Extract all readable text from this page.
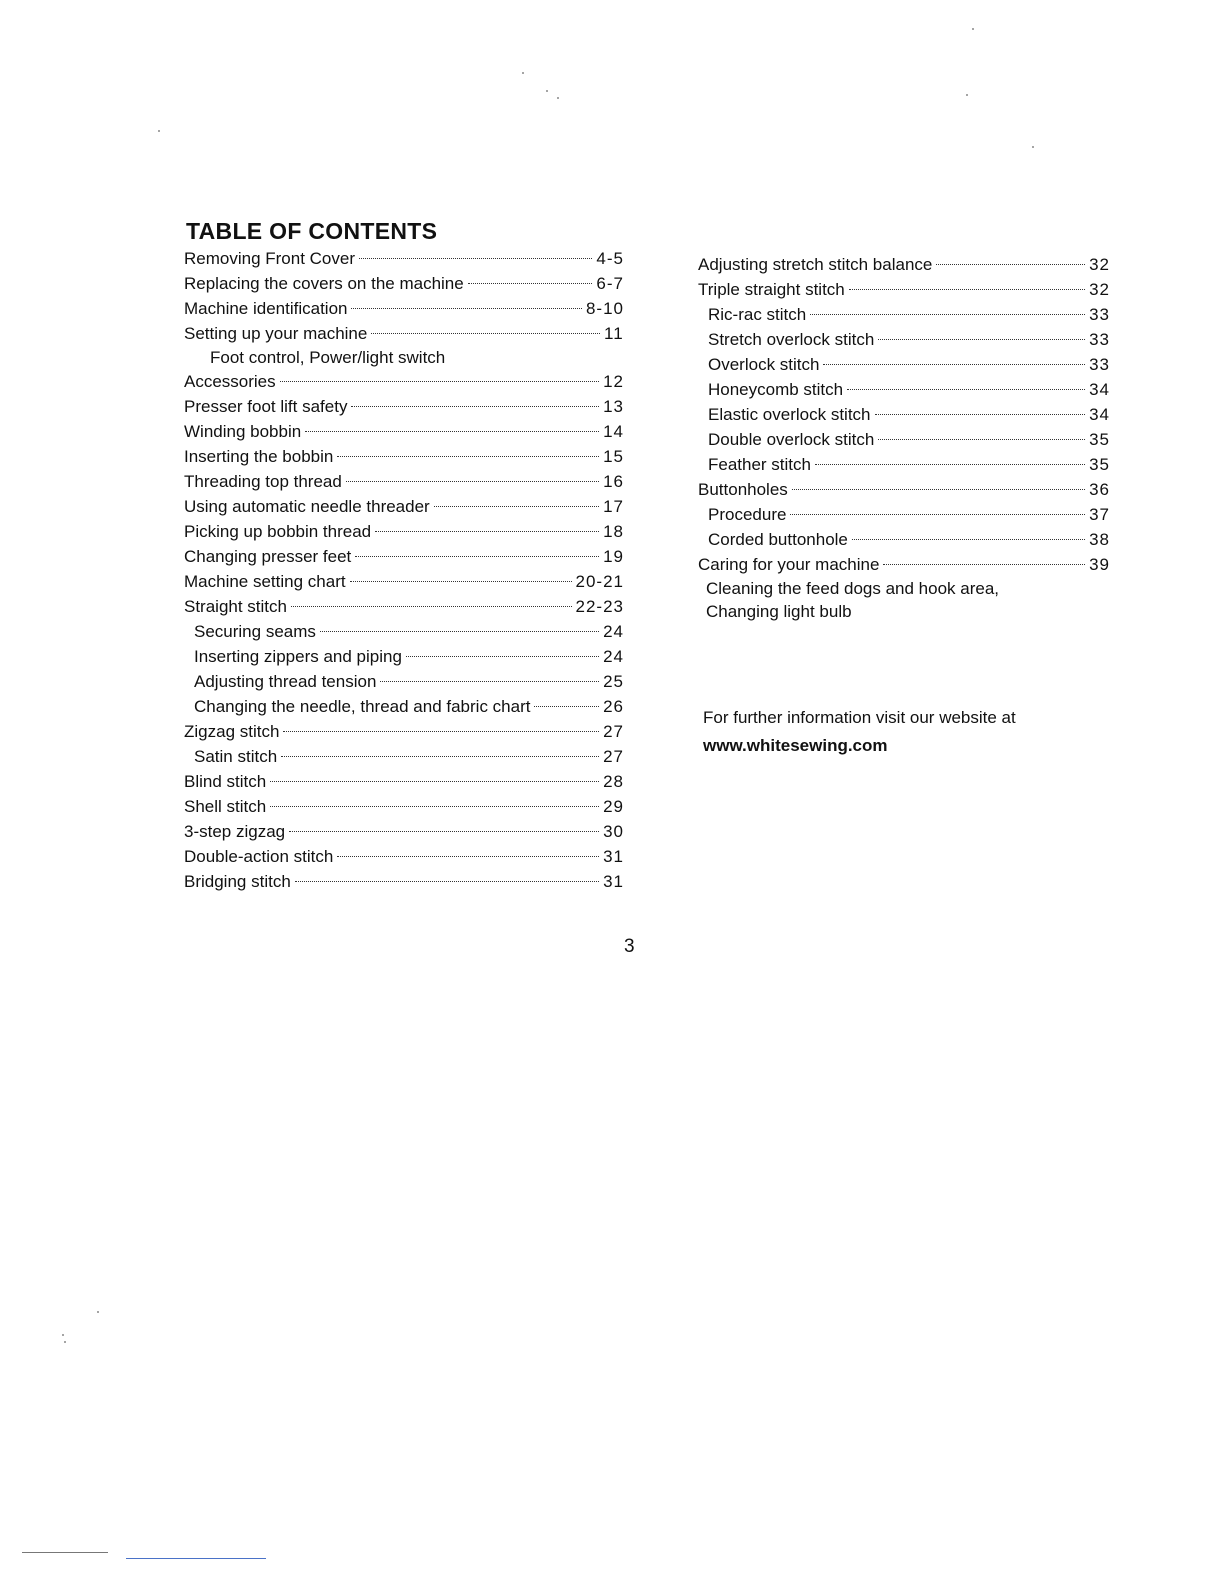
TABLE OF CONTENTS
Removing Front Cover	4-5
Replacing the covers on the machine	6-7
Machine identification	8-10
Setting up your machine	11
Foot control, Power/light switch
Accessories	12
Presser foot lift safety	13
Winding bobbin	14
Inserting the bobbin	15
Threading top thread	16
Using automatic needle threader	17
Picking up bobbin thread	18
Changing presser feet	19
Machine setting chart	20-21
Straight stitch	22-23
Securing seams	24
Inserting zippers and piping	24
Adjusting thread tension	25
Changing the needle, thread and fabric chart	26
Zigzag stitch	27
Satin stitch	27
Blind stitch	28
Shell stitch	29
3-step zigzag	30
Double-action stitch	31
Bridging stitch	31
Adjusting stretch stitch balance	32
Triple straight stitch	32
Ric-rac stitch	33
Stretch overlock stitch	33
Overlock stitch	33
Honeycomb stitch	34
Elastic overlock stitch	34
Double overlock stitch	35
Feather stitch	35
Buttonholes	36
Procedure	37
Corded buttonhole	38
Caring for your machine	39
Cleaning the feed dogs and hook area,
Changing light bulb
For further information visit our website at
www.whitesewing.com
3
